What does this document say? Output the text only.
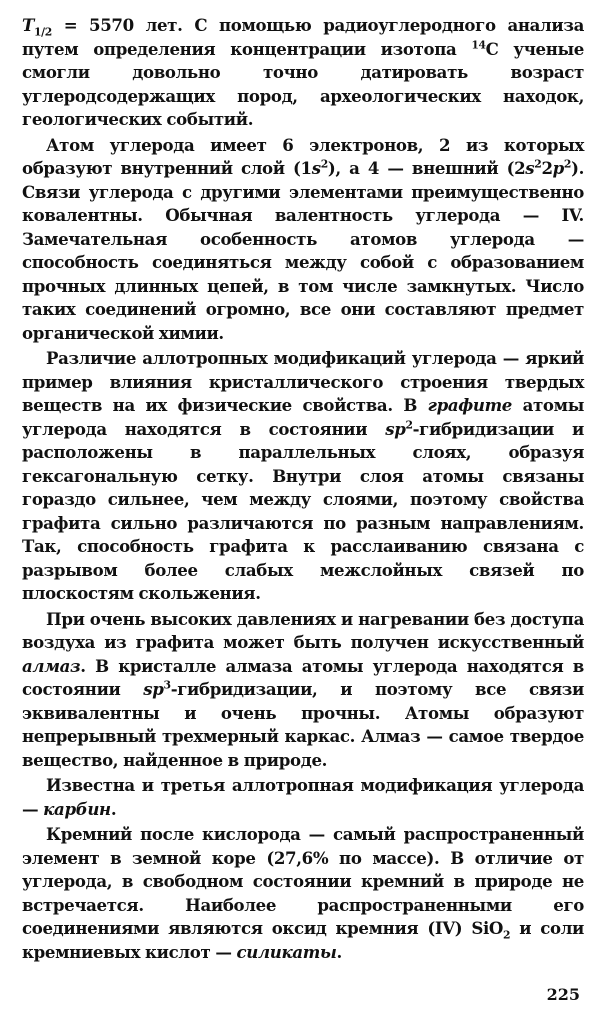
$T_{1/2} = 5570$ лет. С помощью радиоуглеродного анализа путем определения концентрации изотопа $^{14}$C ученые смогли довольно точно датировать возраст углеродсодержащих пород, археологических находок, геологических событий.

Атом углерода имеет 6 электронов, 2 из которых образуют внутренний слой $(1s^2)$, а 4 — внешний $(2s^22p^2)$. Связи углерода с другими элементами преимущественно ковалентны. Обычная валентность углерода — IV. Замечательная особенность атомов углерода — способность соединяться между собой с образованием прочных длинных цепей, в том числе замкнутых. Число таких соединений огромно, все они составляют предмет органической химии.

Различие аллотропных модификаций углерода — яркий пример влияния кристаллического строения твердых веществ на их физические свойства. В графите атомы углерода находятся в состоянии $sp^2$-гибридизации и расположены в параллельных слоях, образуя гексагональную сетку. Внутри слоя атомы связаны гораздо сильнее, чем между слоями, поэтому свойства графита сильно различаются по разным направлениям. Так, способность графита к расслаиванию связана с разрывом более слабых межслойных связей по плоскостям скольжения.

При очень высоких давлениях и нагревании без доступа воздуха из графита может быть получен искусственный алмаз. В кристалле алмаза атомы углерода находятся в состоянии $sp^3$-гибридизации, и поэтому все связи эквивалентны и очень прочны. Атомы образуют непрерывный трехмерный каркас. Алмаз — самое твердое вещество, найденное в природе.

Известна и третья аллотропная модификация углерода — карбин.

Кремний после кислорода — самый распространенный элемент в земной коре (27,6% по массе). В отличие от углерода, в свободном состоянии кремний в природе не встречается. Наиболее распространенными его соединениями являются оксид кремния (IV) SiO$_2$ и соли кремниевых кислот — силикаты.

225
